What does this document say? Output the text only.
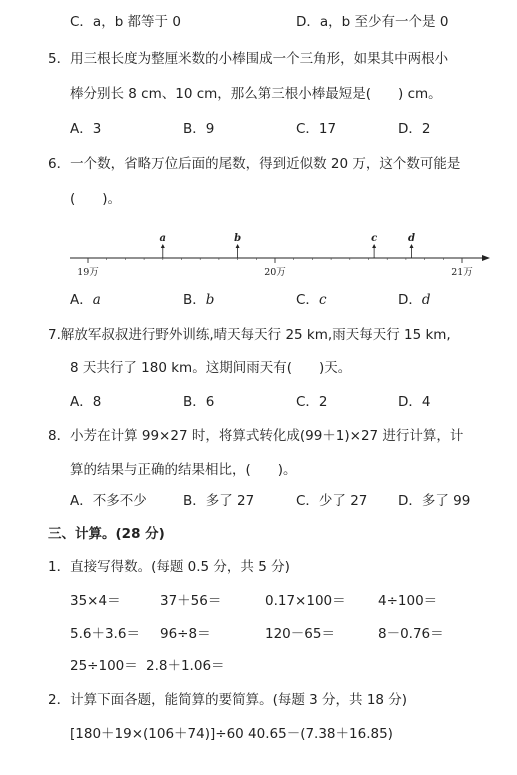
C．a，b 都等于 0	D．a，b 至少有一个是 0
5．用三根长度为整厘米数的小棒围成一个三角形，如果其中两根小
棒分别长 8 cm、10 cm，那么第三根小棒最短是(　　) cm。
A．3	B．9	C．17	D．2
6．一个数，省略万位后面的尾数，得到近似数 20 万，这个数可能是
(　　)。
19万	20万	21万
a	b	c	d
A．a	B．b	C．c	D．d
7.解放军叔叔进行野外训练,晴天每天行 25 km,雨天每天行 15 km,
8 天共行了 180 km。这期间雨天有(　　)天。
A．8	B．6	C．2	D．4
8．小芳在计算 99×27 时，将算式转化成(99＋1)×27 进行计算，计
算的结果与正确的结果相比，(　　)。
A．不多不少	B．多了 27	C．少了 27 D．多了 99
三、计算。(28 分)
1．直接写得数。(每题 0.5 分，共 5 分)
35×4＝	37＋56＝	0.17×100＝ 4÷100＝
5.6＋3.6＝ 96÷8＝	120－65＝	8－0.76＝
25÷100＝ 2.8＋1.06＝
2．计算下面各题，能简算的要简算。(每题 3 分，共 18 分)
[180＋19×(106＋74)]÷60 40.65－(7.38＋16.85)
